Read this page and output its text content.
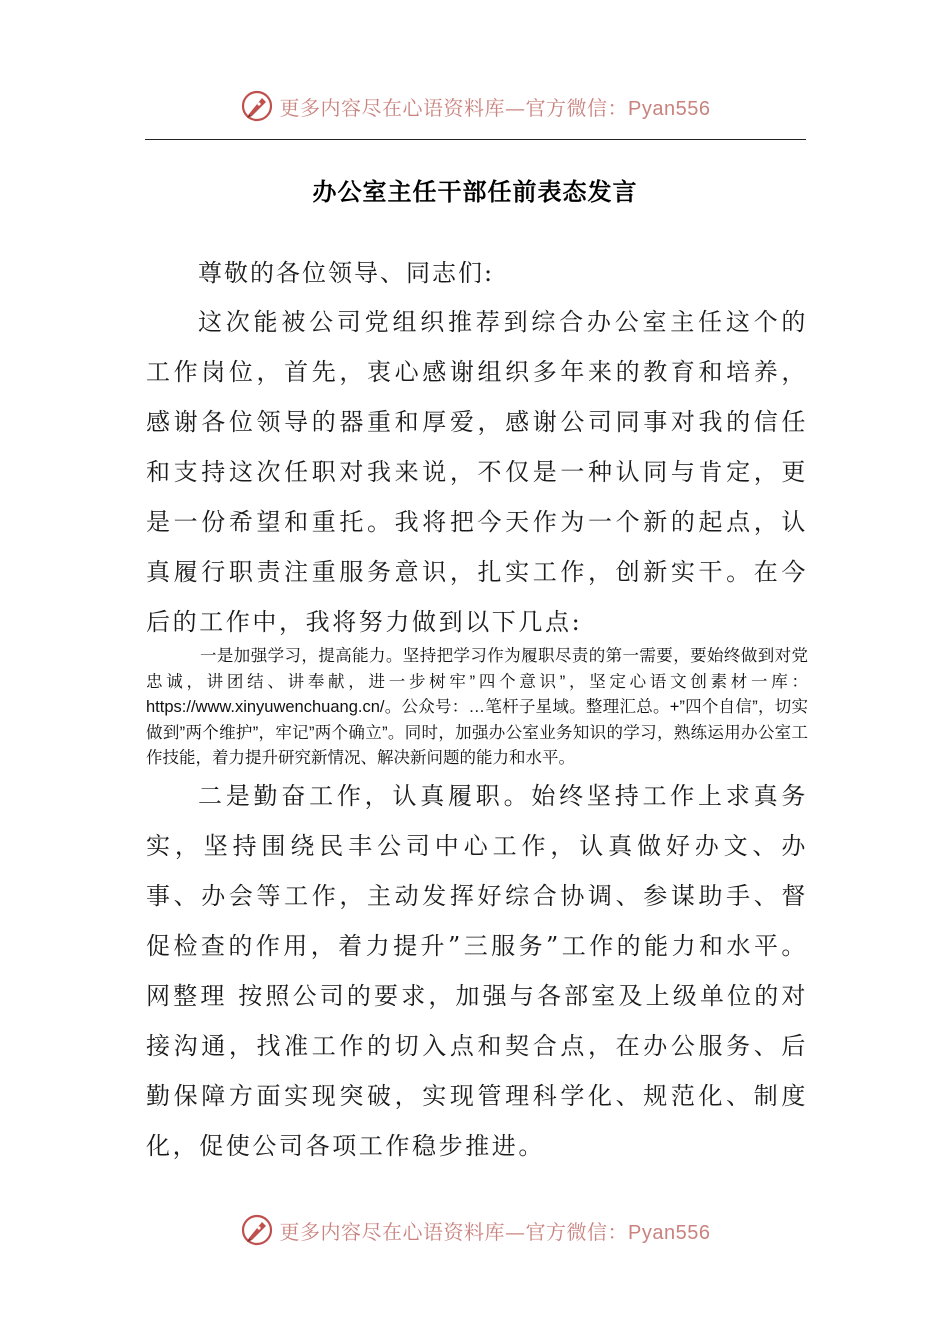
更多内容尽在心语资料库—官方微信：Pyan556
办公室主任干部任前表态发言

尊敬的各位领导、同志们:

这次能被公司党组织推荐到综合办公室主任这个的工作岗位，首先，衷心感谢组织多年来的教育和培养，感谢各位领导的器重和厚爱，感谢公司同事对我的信任和支持这次任职对我来说，不仅是一种认同与肯定，更是一份希望和重托。我将把今天作为一个新的起点，认真履行职责注重服务意识，扎实工作，创新实干。在今后的工作中，我将努力做到以下几点:

一是加强学习，提高能力。坚持把学习作为履职尽责的第一需要，要始终做到对党忠诚，讲团结、讲奉献，进一步树牢”四个意识”，坚定心语文创素材一库：https://www.xinyuwenchuang.cn/。公众号：…笔杆子星域。整理汇总。+”四个自信”，切实做到”两个维护”，牢记”两个确立”。同时，加强办公室业务知识的学习，熟练运用办公室工作技能，着力提升研究新情况、解决新问题的能力和水平。

二是勤奋工作，认真履职。始终坚持工作上求真务实，坚持围绕民丰公司中心工作，认真做好办文、办事、办会等工作，主动发挥好综合协调、参谋助手、督促检查的作用，着力提升”三服务”工作的能力和水平。 网整理 按照公司的要求，加强与各部室及上级单位的对接沟通，找准工作的切入点和契合点，在办公服务、后勤保障方面实现突破，实现管理科学化、规范化、制度化，促使公司各项工作稳步推进。

更多内容尽在心语资料库—官方微信：Pyan556
